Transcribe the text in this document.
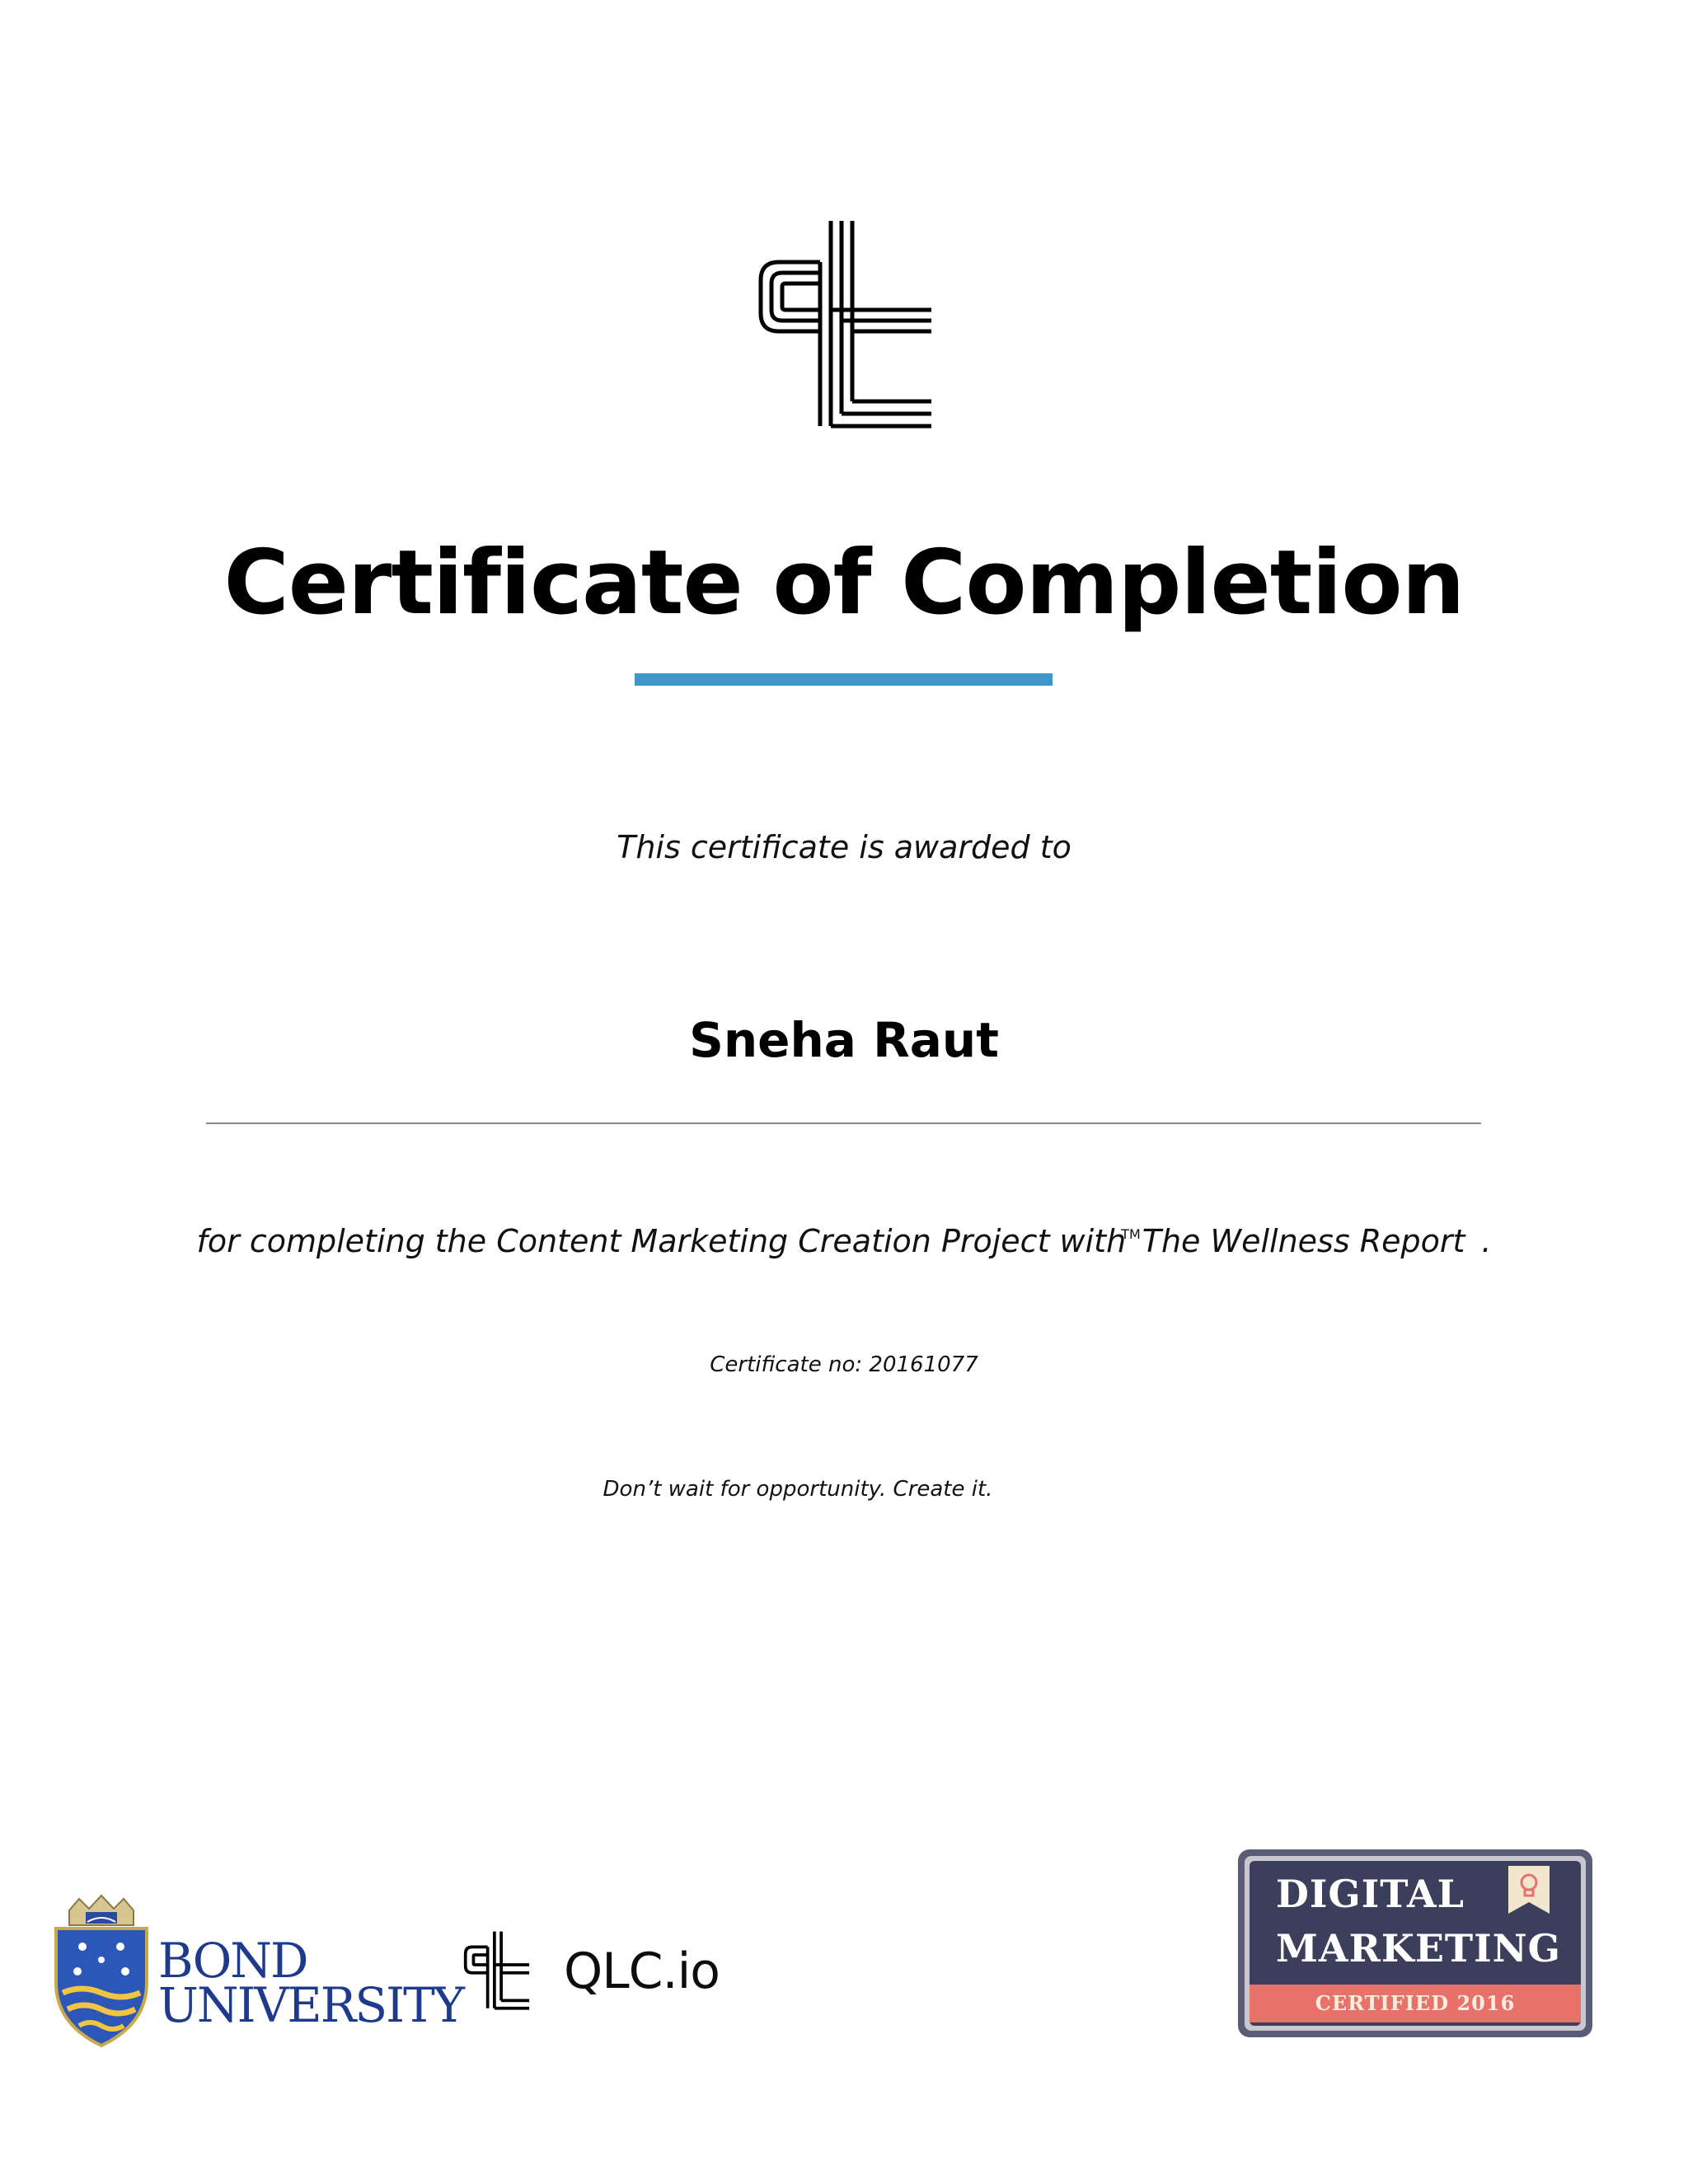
Certificate of Completion
This certificate is awarded to
Sneha Raut
for completing the Content Marketing Creation Project with™The Wellness Report .
Certificate no: 20161077
Don’t wait for opportunity. Create it.
BOND
UNIVERSITY
QLC.io
DIGITAL
MARKETING
CERTIFIED 2016
